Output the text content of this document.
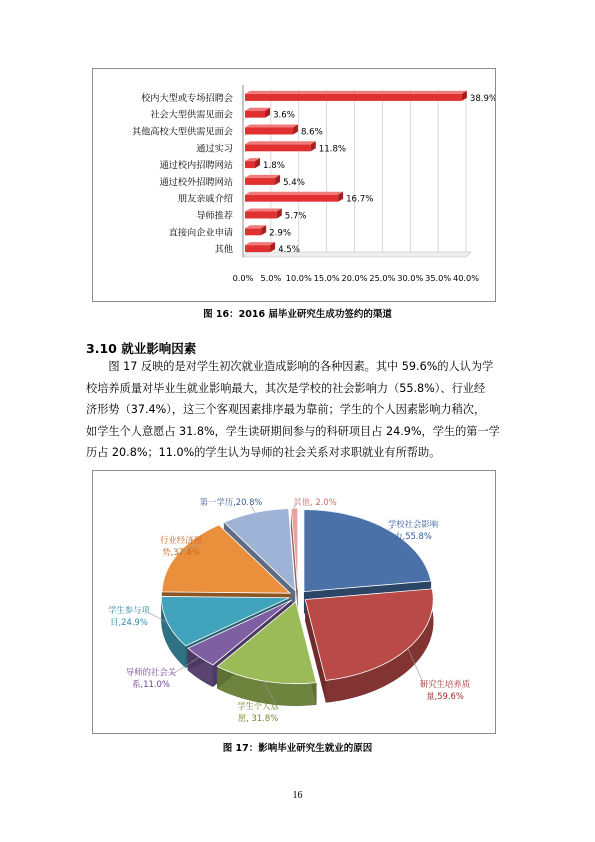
0.0% 5.0% 10.0% 15.0% 20.0% 25.0% 30.0% 35.0% 40.0%
校内大型或专场招聘会	38.9%
社会大型供需见面会	3.6%
其他高校大型供需见面会	8.6%
通过实习	11.8%
通过校内招聘网站	1.8%
通过校外招聘网站	5.4%
朋友亲戚介绍	16.7%
导师推荐	5.7%
直接向企业申请	2.9%
其他	4.5%
图 16：2016 届毕业研究生成功签约的渠道
3.10 就业影响因素
图 17 反映的是对学生初次就业造成影响的各种因素。其中 59.6%的人认为学
校培养质量对毕业生就业影响最大，其次是学校的社会影响力（55.8%）、行业经
济形势（37.4%），这三个客观因素排序最为靠前；学生的个人因素影响力稍次，
如学生个人意愿占 31.8%，学生读研期间参与的科研项目占 24.9%，学生的第一学
历占 20.8%；11.0%的学生认为导师的社会关系对求职就业有所帮助。
学校社会影响力,55.8%
研究生培养质量,59.6%
学生个人意愿, 31.8%
导师的社会关系,11.0%
学生参与项目,24.9%
行业经济形势,37.4%
第一学历,20.8%	其他, 2.0%
图 17：影响毕业研究生就业的原因
16
